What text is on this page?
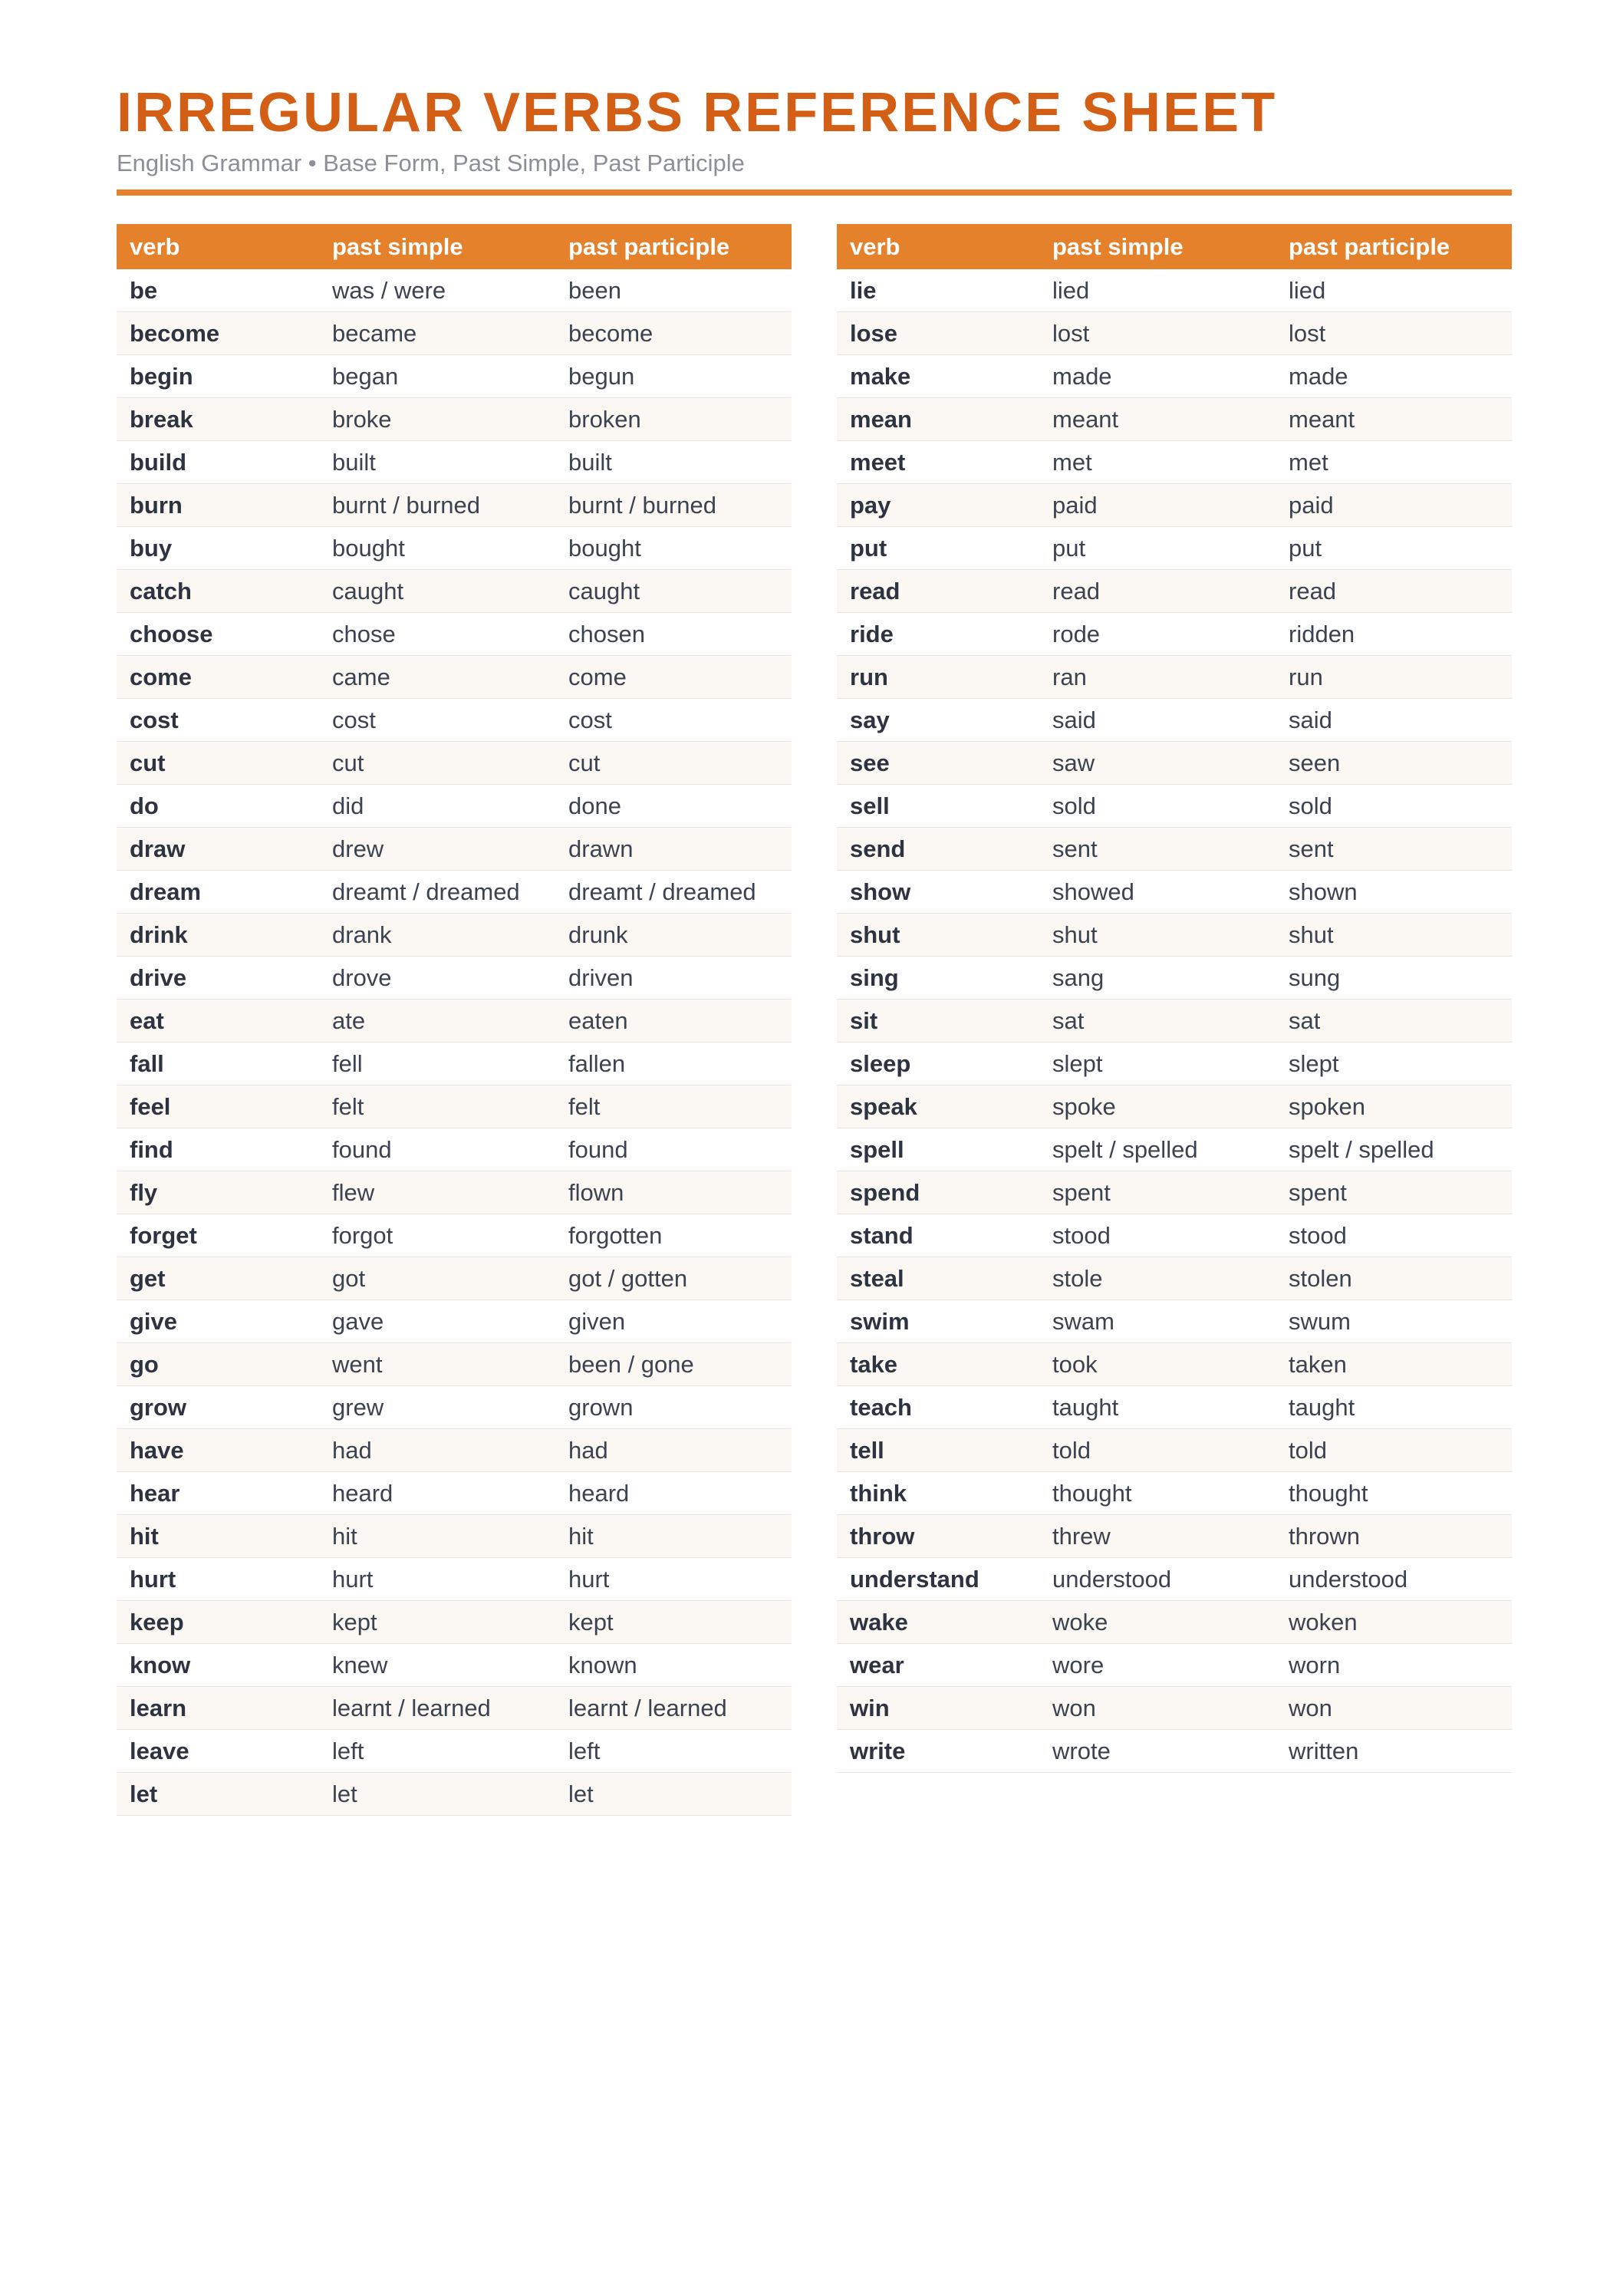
IRREGULAR VERBS REFERENCE SHEET

English Grammar • Base Form, Past Simple, Past Participle

verb	past simple	past participle
be	was / were	been
become	became	become
begin	began	begun
break	broke	broken
build	built	built
burn	burnt / burned	burnt / burned
buy	bought	bought
catch	caught	caught
choose	chose	chosen
come	came	come
cost	cost	cost
cut	cut	cut
do	did	done
draw	drew	drawn
dream	dreamt / dreamed	dreamt / dreamed
drink	drank	drunk
drive	drove	driven
eat	ate	eaten
fall	fell	fallen
feel	felt	felt
find	found	found
fly	flew	flown
forget	forgot	forgotten
get	got	got / gotten
give	gave	given
go	went	been / gone
grow	grew	grown
have	had	had
hear	heard	heard
hit	hit	hit
hurt	hurt	hurt
keep	kept	kept
know	knew	known
learn	learnt / learned	learnt / learned
leave	left	left
let	let	let
verb	past simple	past participle
lie	lied	lied
lose	lost	lost
make	made	made
mean	meant	meant
meet	met	met
pay	paid	paid
put	put	put
read	read	read
ride	rode	ridden
run	ran	run
say	said	said
see	saw	seen
sell	sold	sold
send	sent	sent
show	showed	shown
shut	shut	shut
sing	sang	sung
sit	sat	sat
sleep	slept	slept
speak	spoke	spoken
spell	spelt / spelled	spelt / spelled
spend	spent	spent
stand	stood	stood
steal	stole	stolen
swim	swam	swum
take	took	taken
teach	taught	taught
tell	told	told
think	thought	thought
throw	threw	thrown
understand	understood	understood
wake	woke	woken
wear	wore	worn
win	won	won
write	wrote	written
